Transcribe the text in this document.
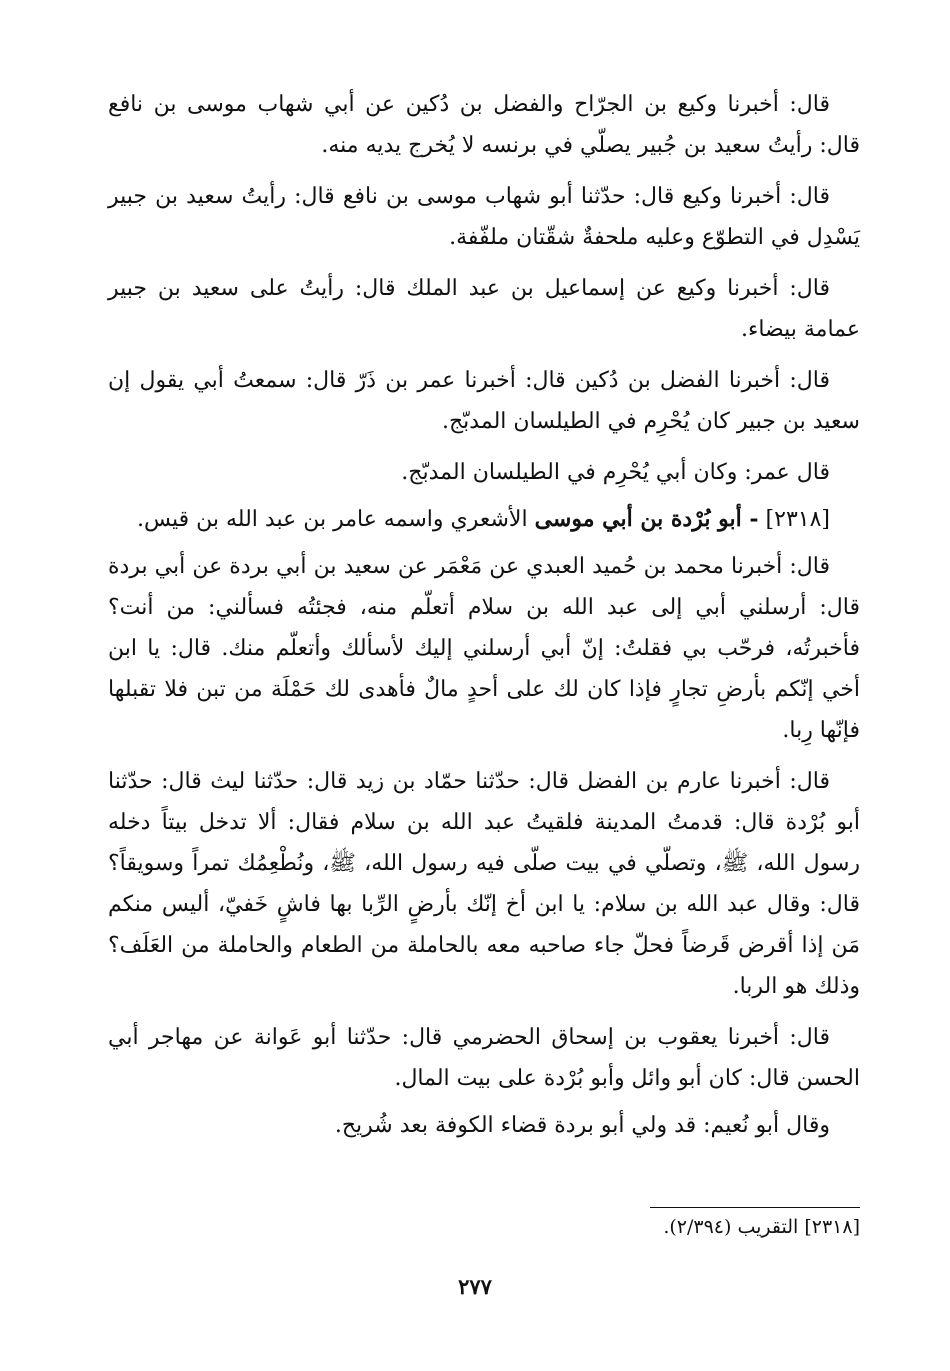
قال: أخبرنا وكيع بن الجرّاح والفضل بن دُكين عن أبي شهاب موسى بن نافع قال: رأيتُ سعيد بن جُبير يصلّي في برنسه لا يُخرج يديه منه.

قال: أخبرنا وكيع قال: حدّثنا أبو شهاب موسى بن نافع قال: رأيتُ سعيد بن جبير يَسْدِل في التطوّع وعليه ملحفةٌ شقّتان ملفّفة.

قال: أخبرنا وكيع عن إسماعيل بن عبد الملك قال: رأيتُ على سعيد بن جبير عمامة بيضاء.

قال: أخبرنا الفضل بن دُكين قال: أخبرنا عمر بن ذَرّ قال: سمعتُ أبي يقول إن سعيد بن جبير كان يُحْرِم في الطيلسان المدبّج.

قال عمر: وكان أبي يُحْرِم في الطيلسان المدبّج.

[٢٣١٨] - أبو بُرْدة بن أبي موسى الأشعري واسمه عامر بن عبد الله بن قيس.

قال: أخبرنا محمد بن حُميد العبدي عن مَعْمَر عن سعيد بن أبي بردة عن أبي بردة قال: أرسلني أبي إلى عبد الله بن سلام أتعلّم منه، فجئتُه فسألني: من أنت؟ فأخبرتُه، فرحّب بي فقلتُ: إنّ أبي أرسلني إليك لأسألك وأتعلّم منك. قال: يا ابن أخي إنّكم بأرضِ تجارٍ فإذا كان لك على أحدٍ مالٌ فأهدى لك حَمْلَة من تبن فلا تقبلها فإنّها رِبا.

قال: أخبرنا عارم بن الفضل قال: حدّثنا حمّاد بن زيد قال: حدّثنا ليث قال: حدّثنا أبو بُرْدة قال: قدمتُ المدينة فلقيتُ عبد الله بن سلام فقال: ألا تدخل بيتاً دخله رسول الله، ﷺ، وتصلّي في بيت صلّى فيه رسول الله، ﷺ، ونُطْعِمُك تمراً وسويقاً؟ قال: وقال عبد الله بن سلام: يا ابن أخ إنّك بأرضٍ الرِّبا بها فاشٍ خَفيّ، أليس منكم مَن إذا أقرض قَرضاً فحلّ جاء صاحبه معه بالحاملة من الطعام والحاملة من العَلَف؟ وذلك هو الربا.

قال: أخبرنا يعقوب بن إسحاق الحضرمي قال: حدّثنا أبو عَوانة عن مهاجر أبي الحسن قال: كان أبو وائل وأبو بُرْدة على بيت المال.

وقال أبو نُعيم: قد ولي أبو بردة قضاء الكوفة بعد شُريح.

[٢٣١٨] التقريب (٢/٣٩٤).
٢٧٧
